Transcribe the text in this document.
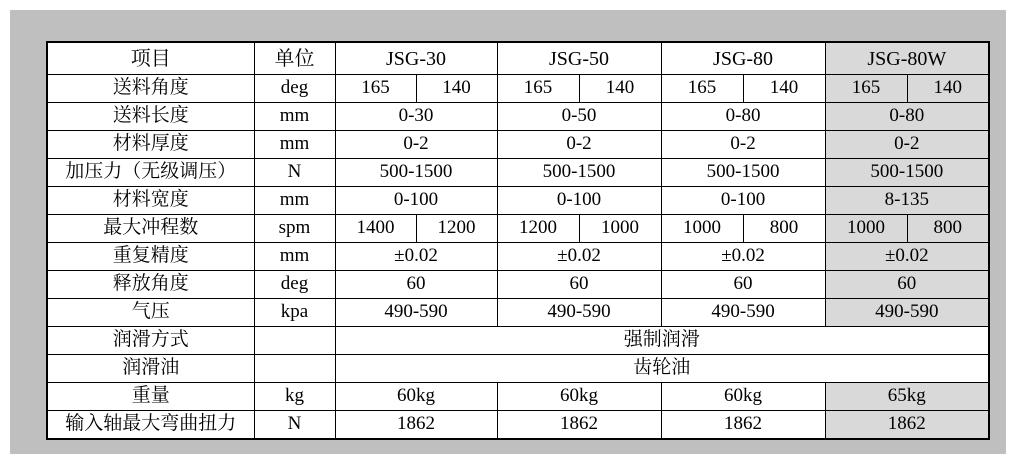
项目	单位	JSG-30		JSG-50		JSG-80		JSG-80W	
送料角度	deg	165	140	165	140	165	140	165	140
送料长度	mm	0-30		0-50		0-80		0-80	
材料厚度	mm	0-2		0-2		0-2		0-2	
加压力（无级调压）	N	500-1500		500-1500		500-1500		500-1500	
材料宽度	mm	0-100		0-100		0-100		8-135	
最大冲程数	spm	1400	1200	1200	1000	1000	800	1000	800
重复精度	mm	±0.02		±0.02		±0.02		±0.02	
释放角度	deg	60		60		60		60	
气压	kpa	490-590		490-590		490-590		490-590	
润滑方式		强制润滑							
润滑油		齿轮油							
重量	kg	60kg		60kg		60kg		65kg	
输入轴最大弯曲扭力	N	1862		1862		1862		1862	
